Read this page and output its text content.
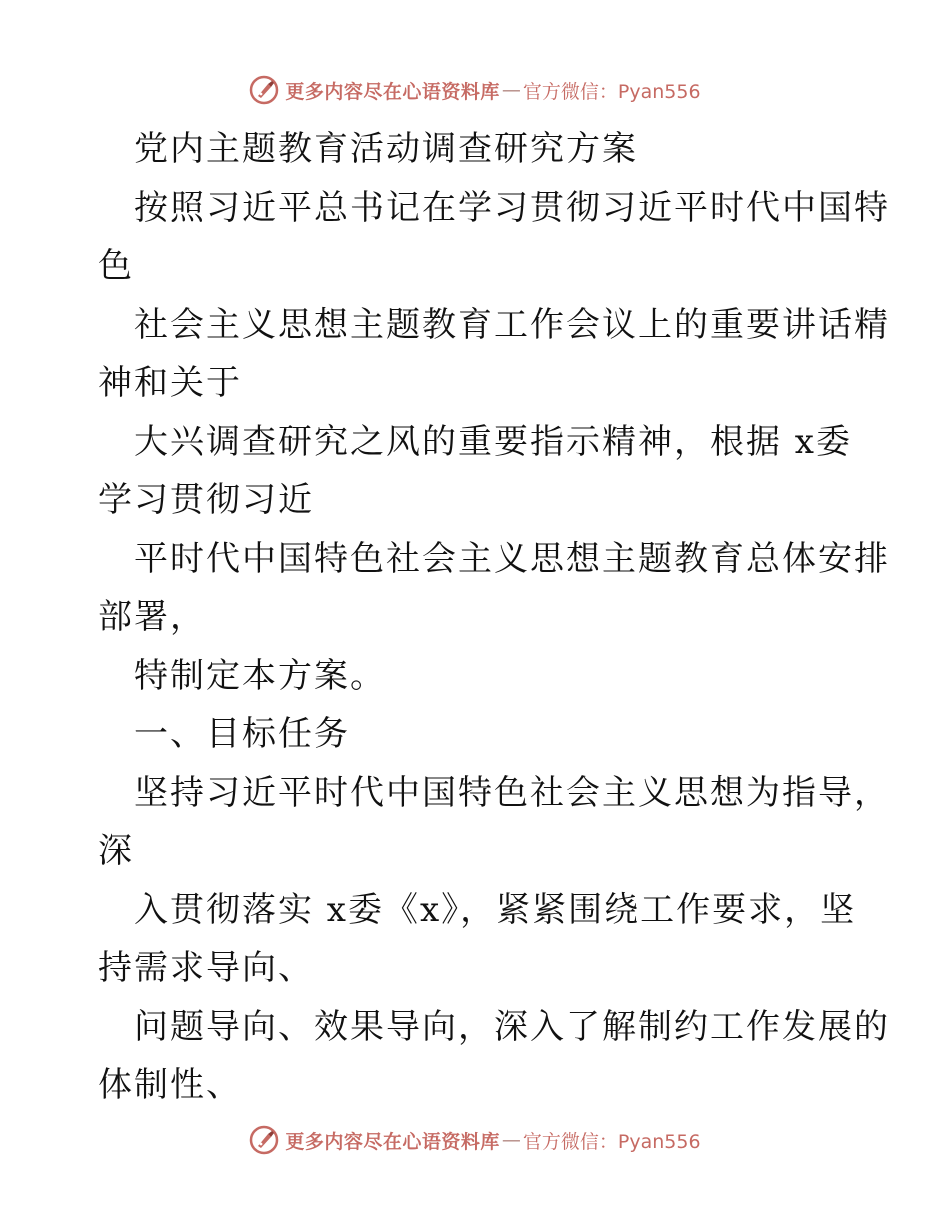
更多内容尽在心语资料库 — 官方微信：Pyan556
党内主题教育活动调查研究方案
按照习近平总书记在学习贯彻习近平时代中国特
色
社会主义思想主题教育工作会议上的重要讲话精
神和关于
大兴调查研究之风的重要指示精神，根据 x委
学习贯彻习近
平时代中国特色社会主义思想主题教育总体安排
部署，
特制定本方案。
一、目标任务
坚持习近平时代中国特色社会主义思想为指导，
深
入贯彻落实 x委《x》，紧紧围绕工作要求，坚
持需求导向、
问题导向、效果导向，深入了解制约工作发展的
体制性、
更多内容尽在心语资料库 — 官方微信：Pyan556
